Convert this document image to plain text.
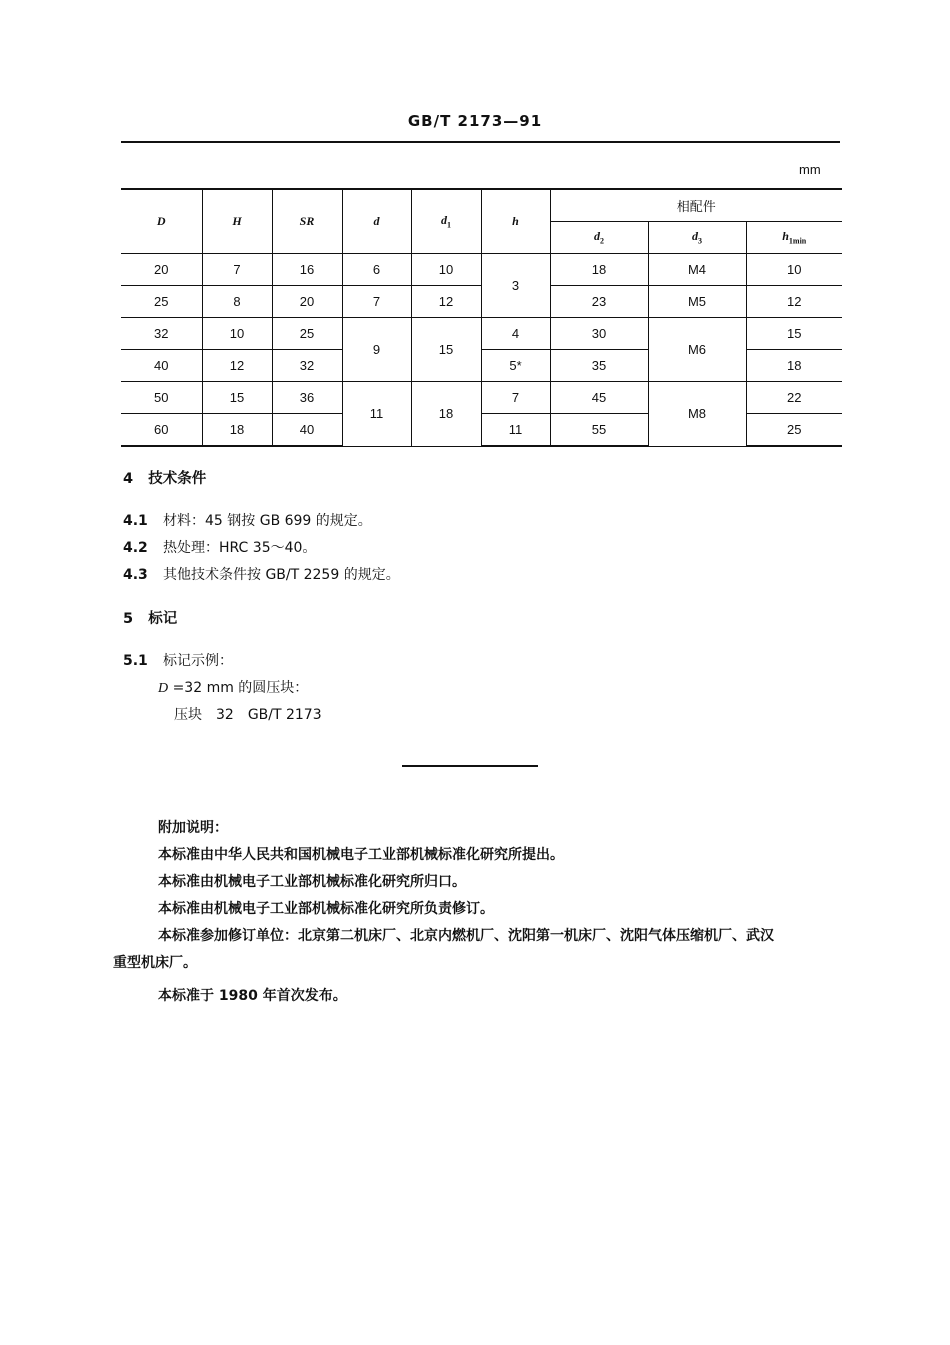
GB/T 2173—91
mm
D	H	SR	d	$d_1$	h	相配件		
						$d_2$	$d_3$	$h_{1min}$
20	7	16	6	10	3	18	M4	10
25	8	20	7	12		23	M5	12
32	10	25	9	15	4	30	M6	15
40	12	32			5*	35		18
50	15	36	11	18	7	45	M8	22
60	18	40			11	55		25
4 技术条件
4.1 材料：45 钢按 GB 699 的规定。
4.2 热处理：HRC 35～40。
4.3 其他技术条件按 GB/T 2259 的规定。
5 标记
5.1 标记示例：
D =32 mm 的圆压块：
压块　32　GB/T 2173
附加说明：
本标准由中华人民共和国机械电子工业部机械标准化研究所提出。
本标准由机械电子工业部机械标准化研究所归口。
本标准由机械电子工业部机械标准化研究所负责修订。
本标准参加修订单位：北京第二机床厂、北京内燃机厂、沈阳第一机床厂、沈阳气体压缩机厂、武汉
重型机床厂。
本标准于 1980 年首次发布。
